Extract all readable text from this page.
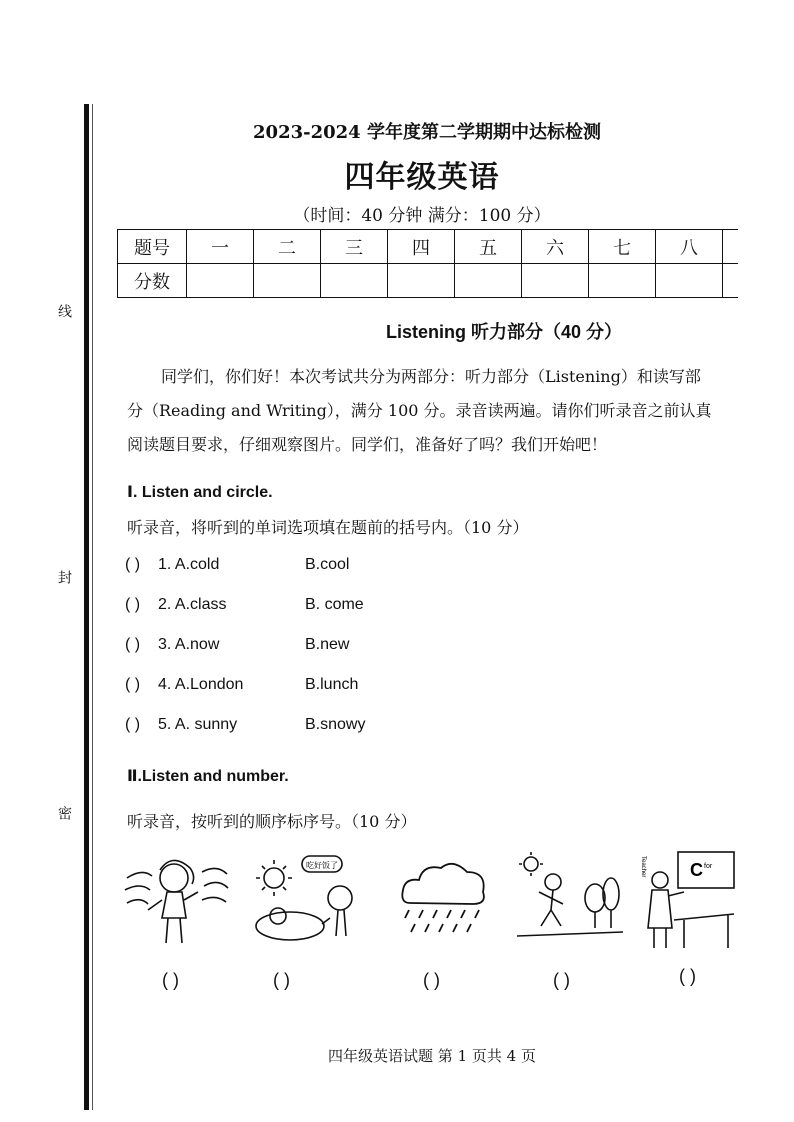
线
封
密
2023-2024 学年度第二学期期中达标检测
四年级英语
（时间：40 分钟 满分：100 分）
题号	一	二	三	四	五	六	七	八	
分数									
Listening 听力部分（40 分）

同学们，你们好！本次考试共分为两部分：听力部分（Listening）和读写部

分（Reading and Writing），满分 100 分。录音读两遍。请你们听录音之前认真

阅读题目要求，仔细观察图片。同学们，准备好了吗？我们开始吧！

Ⅰ. Listen and circle.
听录音，将听到的单词选项填在题前的括号内。（10 分）
( ) 1. A.cold	B.cool
( ) 2. A.class	B. come
( ) 3. A.now	B.new
( ) 4. A.London	B.lunch
( ) 5. A. sunny	B.snowy
Ⅱ.Listen and number.
听录音，按听到的顺序标序号。（10 分）
吃好饭了	C for
Teacher
( )	( )	( )	( )	( )
四年级英语试题 第 1 页共 4 页
